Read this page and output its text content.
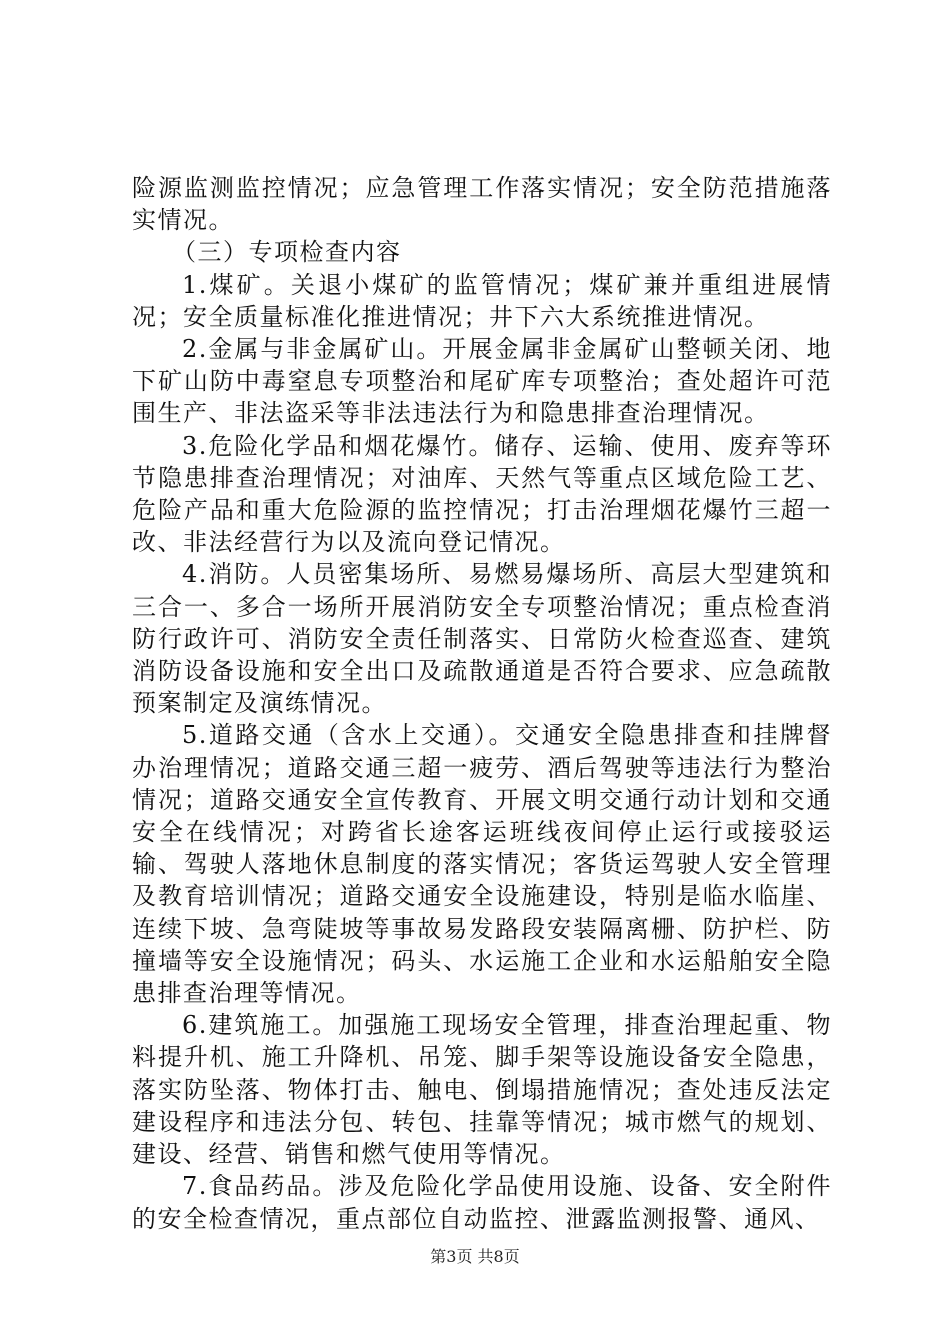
险源监测监控情况；应急管理工作落实情况；安全防范措施落实情况。

（三）专项检查内容

1.煤矿。关退小煤矿的监管情况；煤矿兼并重组进展情况；安全质量标准化推进情况；井下六大系统推进情况。

2.金属与非金属矿山。开展金属非金属矿山整顿关闭、地下矿山防中毒窒息专项整治和尾矿库专项整治；查处超许可范围生产、非法盗采等非法违法行为和隐患排查治理情况。

3.危险化学品和烟花爆竹。储存、运输、使用、废弃等环节隐患排查治理情况；对油库、天然气等重点区域危险工艺、危险产品和重大危险源的监控情况；打击治理烟花爆竹三超一改、非法经营行为以及流向登记情况。

4.消防。人员密集场所、易燃易爆场所、高层大型建筑和三合一、多合一场所开展消防安全专项整治情况；重点检查消防行政许可、消防安全责任制落实、日常防火检查巡查、建筑消防设备设施和安全出口及疏散通道是否符合要求、应急疏散预案制定及演练情况。

5.道路交通（含水上交通）。交通安全隐患排查和挂牌督办治理情况；道路交通三超一疲劳、酒后驾驶等违法行为整治情况；道路交通安全宣传教育、开展文明交通行动计划和交通安全在线情况；对跨省长途客运班线夜间停止运行或接驳运输、驾驶人落地休息制度的落实情况；客货运驾驶人安全管理及教育培训情况；道路交通安全设施建设，特别是临水临崖、连续下坡、急弯陡坡等事故易发路段安装隔离栅、防护栏、防撞墙等安全设施情况；码头、水运施工企业和水运船舶安全隐患排查治理等情况。

6.建筑施工。加强施工现场安全管理，排查治理起重、物料提升机、施工升降机、吊笼、脚手架等设施设备安全隐患，落实防坠落、物体打击、触电、倒塌措施情况；查处违反法定建设程序和违法分包、转包、挂靠等情况；城市燃气的规划、建设、经营、销售和燃气使用等情况。

7.食品药品。涉及危险化学品使用设施、设备、安全附件的安全检查情况，重点部位自动监控、泄露监测报警、通风、

第3页 共8页
